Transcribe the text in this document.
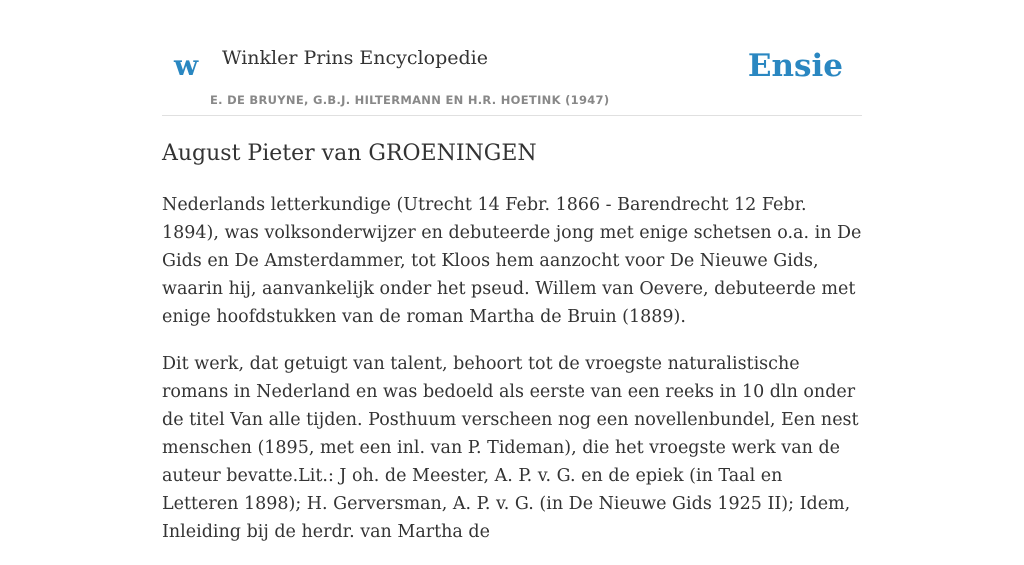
w Winkler Prins Encyclopedie
E. DE BRUYNE, G.B.J. HILTERMANN EN H.R. HOETINK (1947)
Ensie
August Pieter van GROENINGEN

Nederlands letterkundige (Utrecht 14 Febr. 1866 - Barendrecht 12 Febr. 1894), was volksonderwijzer en debuteerde jong met enige schetsen o.a. in De Gids en De Amsterdammer, tot Kloos hem aanzocht voor De Nieuwe Gids, waarin hij, aanvankelijk onder het pseud. Willem van Oevere, debuteerde met enige hoofdstukken van de roman Martha de Bruin (1889).

Dit werk, dat getuigt van talent, behoort tot de vroegste naturalistische romans in Nederland en was bedoeld als eerste van een reeks in 10 dln onder de titel Van alle tijden. Posthuum verscheen nog een novellenbundel, Een nest menschen (1895, met een inl. van P. Tideman), die het vroegste werk van de auteur bevatte.Lit.: J oh. de Meester, A. P. v. G. en de epiek (in Taal en Letteren 1898); H. Gerversman, A. P. v. G. (in De Nieuwe Gids 1925 II); Idem, Inleiding bij de herdr. van Martha de
